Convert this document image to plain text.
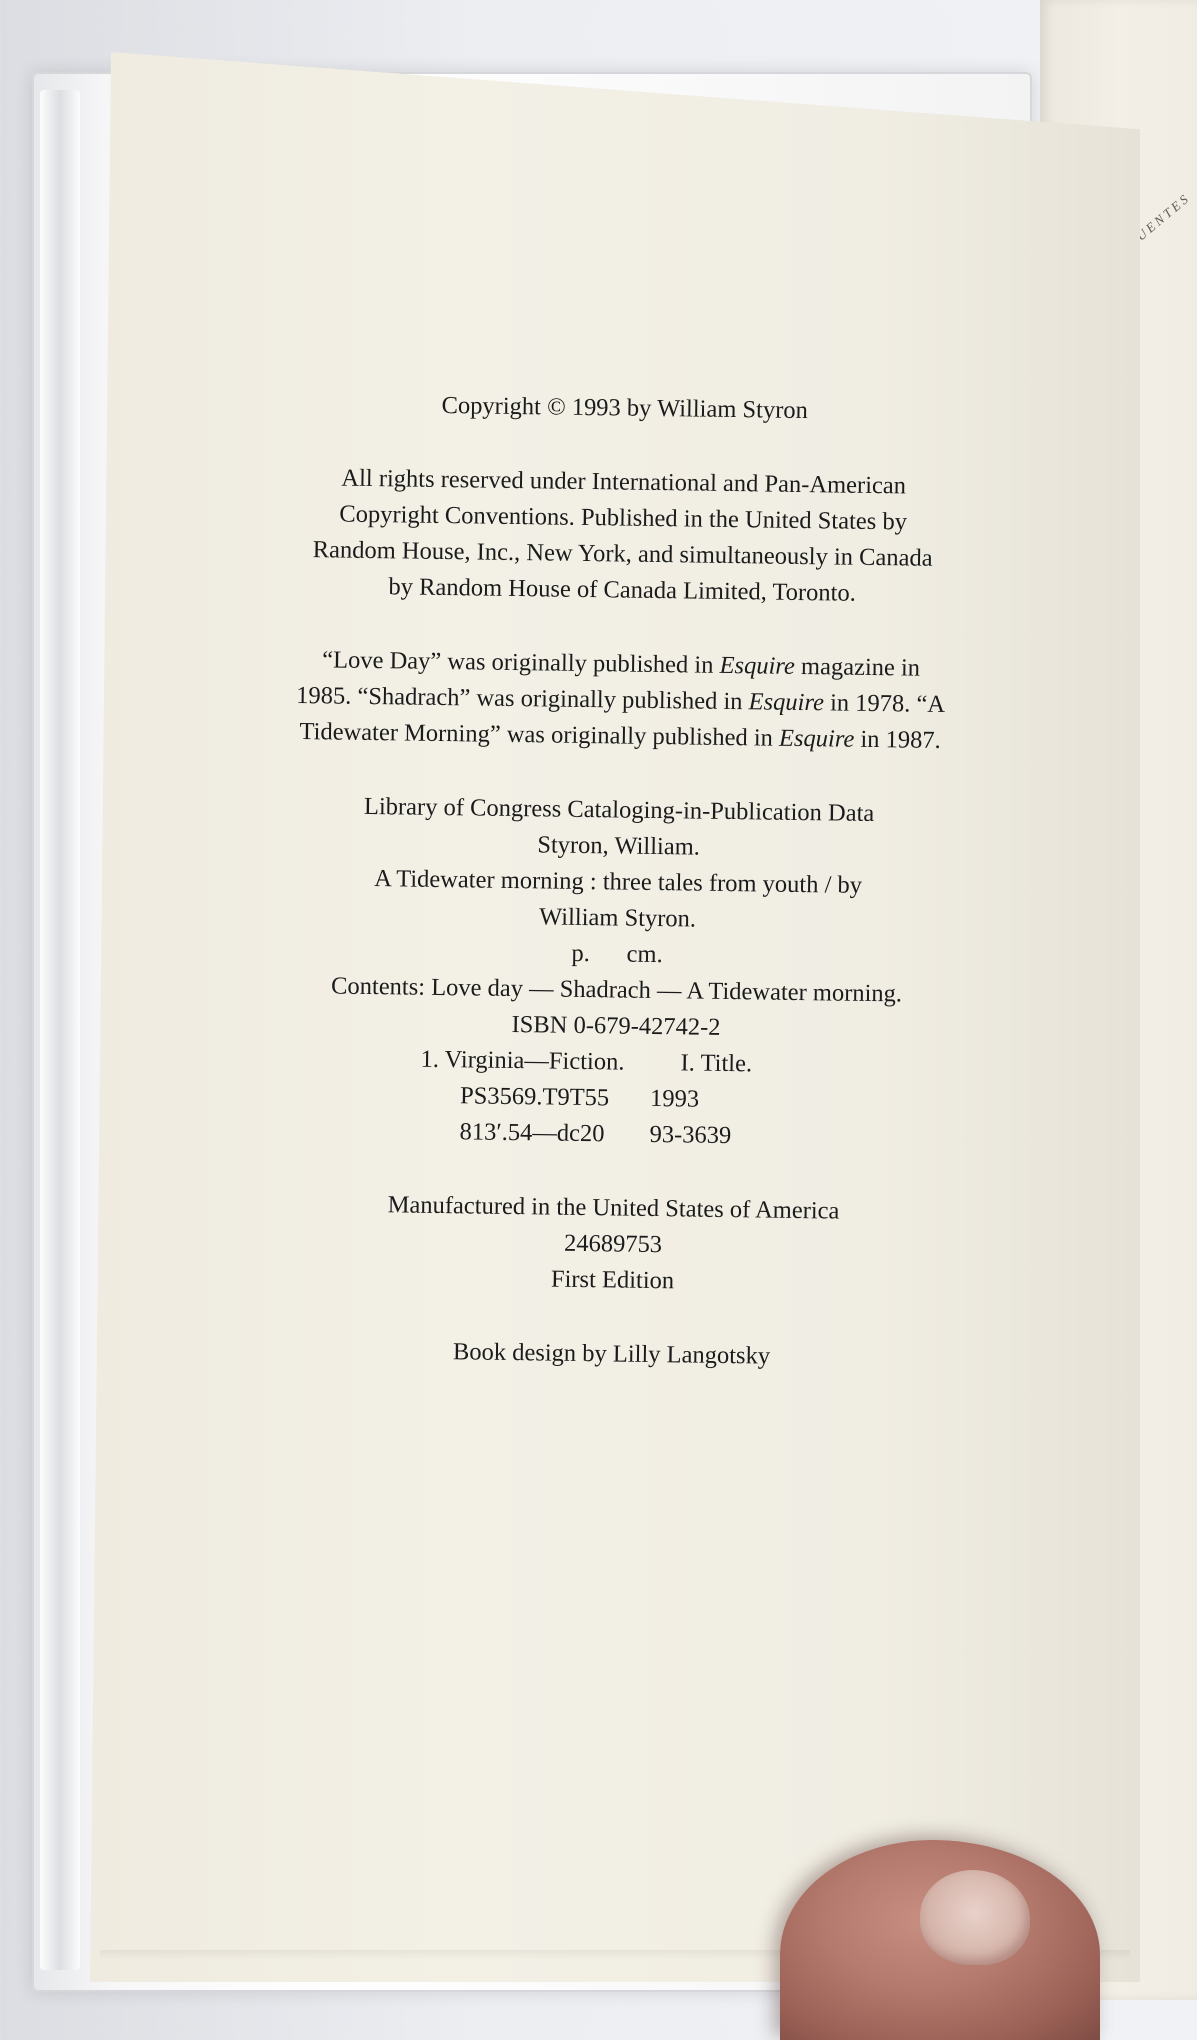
FUENTES
Copyright © 1993 by William Styron
All rights reserved under International and Pan-American
Copyright Conventions. Published in the United States by
Random House, Inc., New York, and simultaneously in Canada
by Random House of Canada Limited, Toronto.
“Love Day” was originally published in Esquire magazine in
1985. “Shadrach” was originally published in Esquire in 1978. “A
Tidewater Morning” was originally published in Esquire in 1987.
Library of Congress Cataloging-in-Publication Data
Styron, William.
A Tidewater morning : three tales from youth / by
William Styron.
p.      cm.
Contents: Love day — Shadrach — A Tidewater morning.
ISBN 0-679-42742-2
1. Virginia—Fiction. I. Title.
PS3569.T9T55 1993
813′.54—dc20 93-3639
Manufactured in the United States of America
24689753
First Edition
Book design by Lilly Langotsky
